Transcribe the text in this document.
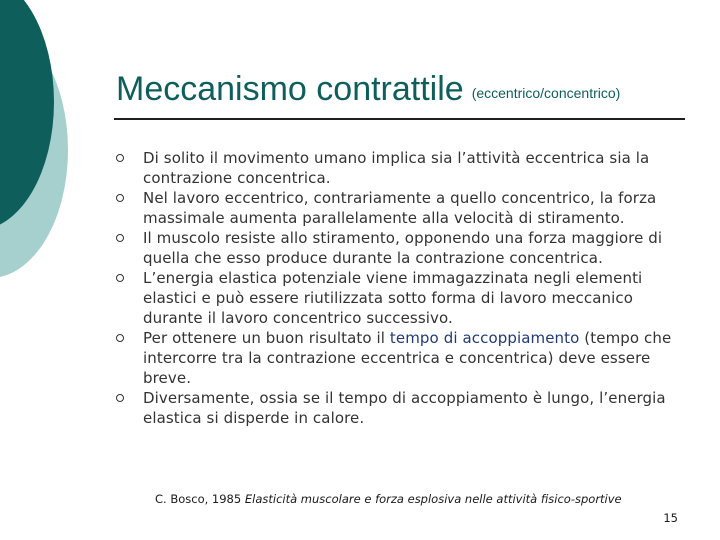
Meccanismo contrattile (eccentrico/concentrico)
Di solito il movimento umano implica sia l’attività eccentrica sia la contrazione concentrica.
Nel lavoro eccentrico, contrariamente a quello concentrico, la forza massimale aumenta parallelamente alla velocità di stiramento.
Il muscolo resiste allo stiramento, opponendo una forza maggiore di quella che esso produce durante la contrazione concentrica.
L’energia elastica potenziale viene immagazzinata negli elementi elastici e può essere riutilizzata sotto forma di lavoro meccanico durante il lavoro concentrico successivo.
Per ottenere un buon risultato il tempo di accoppiamento (tempo che intercorre tra la contrazione eccentrica e concentrica) deve essere breve.
Diversamente, ossia se il tempo di accoppiamento è lungo, l’energia elastica si disperde in calore.
C. Bosco, 1985 Elasticità muscolare e forza esplosiva nelle attività fisico-sportive
15
